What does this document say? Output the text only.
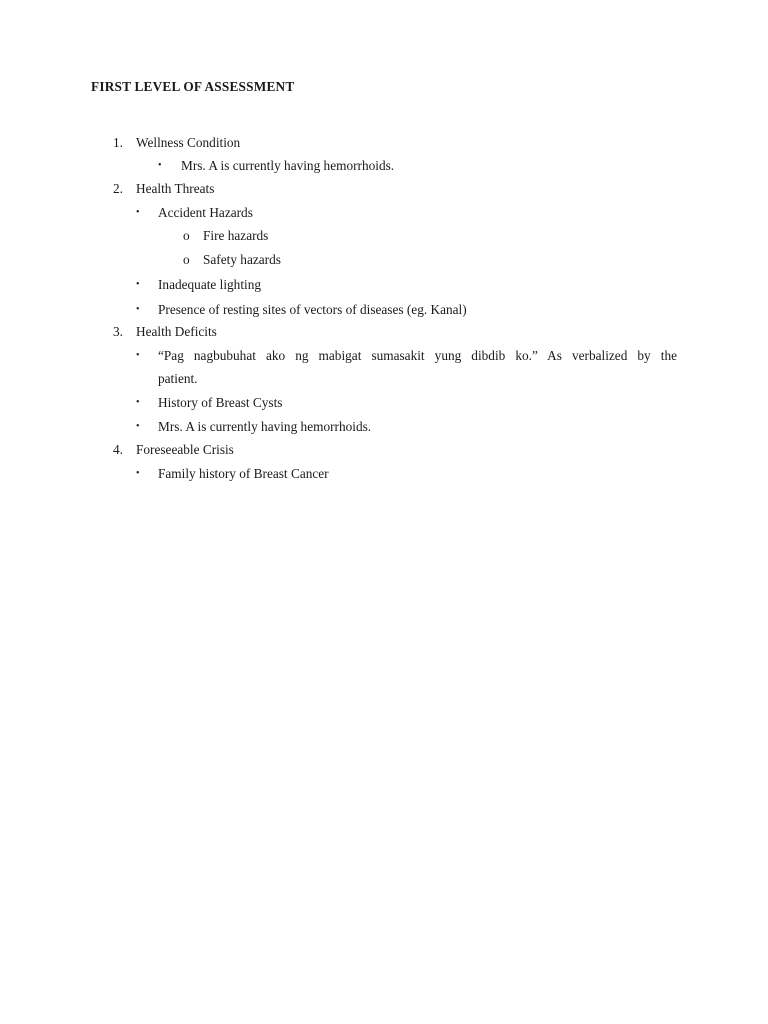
FIRST LEVEL OF ASSESSMENT
1. Wellness Condition
• Mrs. A is currently having hemorrhoids.
2. Health Threats
• Accident Hazards
o Fire hazards
o Safety hazards
• Inadequate lighting
• Presence of resting sites of vectors of diseases (eg. Kanal)
3. Health Deficits
• “Pag nagbubuhat ako ng mabigat sumasakit yung dibdib ko.” As verbalized by the
patient.
• History of Breast Cysts
• Mrs. A is currently having hemorrhoids.
4. Foreseeable Crisis
• Family history of Breast Cancer
